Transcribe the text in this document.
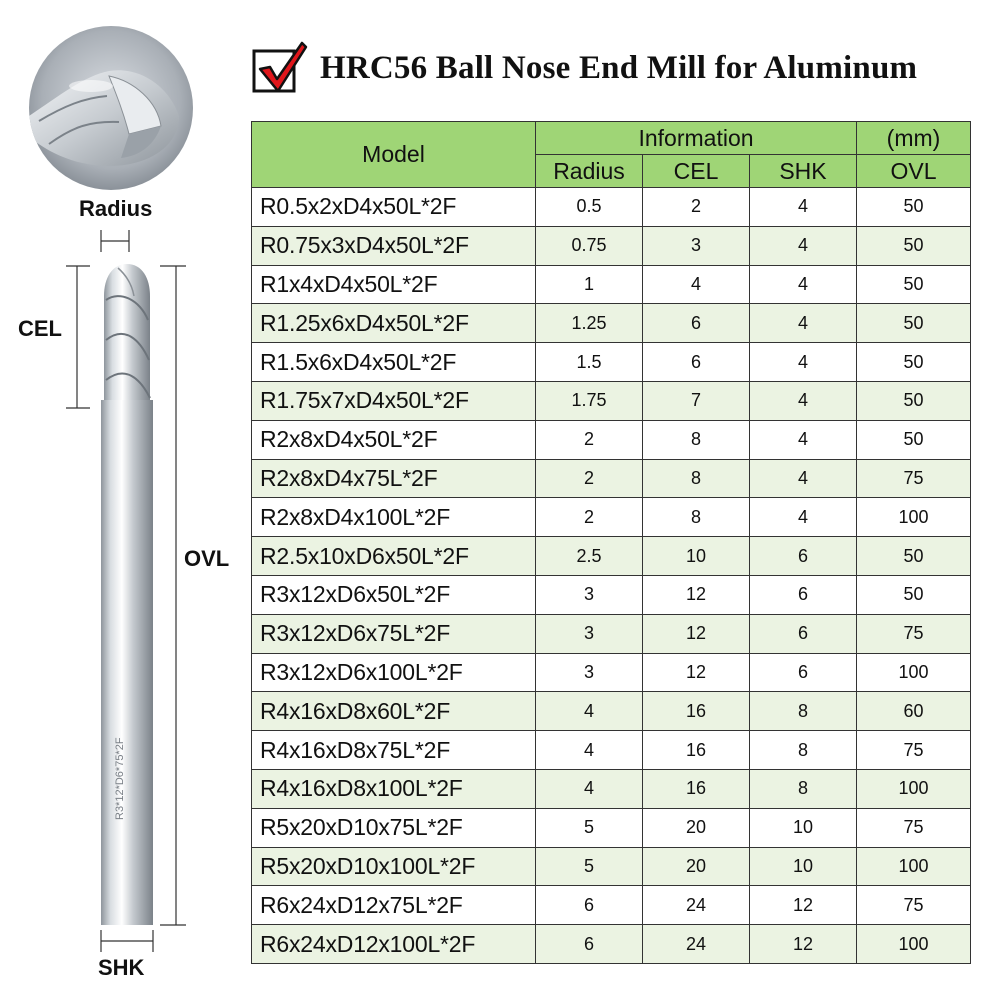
Radius
CEL
OVL
SHK
R3*12*D6*75*2F
HRC56 Ball Nose End Mill for Aluminum
Model	Information			(mm)
	Radius	CEL	SHK	OVL
R0.5x2xD4x50L*2F	0.5	2	4	50
R0.75x3xD4x50L*2F	0.75	3	4	50
R1x4xD4x50L*2F	1	4	4	50
R1.25x6xD4x50L*2F	1.25	6	4	50
R1.5x6xD4x50L*2F	1.5	6	4	50
R1.75x7xD4x50L*2F	1.75	7	4	50
R2x8xD4x50L*2F	2	8	4	50
R2x8xD4x75L*2F	2	8	4	75
R2x8xD4x100L*2F	2	8	4	100
R2.5x10xD6x50L*2F	2.5	10	6	50
R3x12xD6x50L*2F	3	12	6	50
R3x12xD6x75L*2F	3	12	6	75
R3x12xD6x100L*2F	3	12	6	100
R4x16xD8x60L*2F	4	16	8	60
R4x16xD8x75L*2F	4	16	8	75
R4x16xD8x100L*2F	4	16	8	100
R5x20xD10x75L*2F	5	20	10	75
R5x20xD10x100L*2F	5	20	10	100
R6x24xD12x75L*2F	6	24	12	75
R6x24xD12x100L*2F	6	24	12	100
